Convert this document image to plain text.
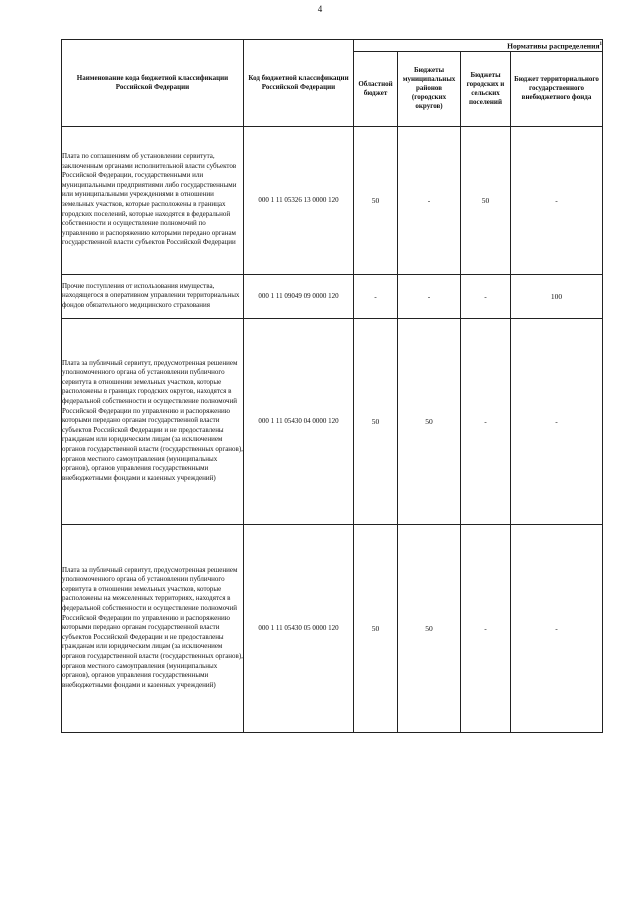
4
Наименование кода бюджетной классификации Российской Федерации	Код бюджетной классификации Российской Федерации	Нормативы распределения$^1$
		Областной бюджет	Бюджеты муниципальных районов (городских округов)	Бюджеты городских и сельских поселений	Бюджет территориального государственного внебюджетного фонда
Плата по соглашениям об установлении сервитута, заключенным органами исполнительной власти субъектов Российской Федерации, государственными или муниципальными предприятиями либо государственными или муниципальными учреждениями в отношении земельных участков, которые расположены в границах городских поселений, которые находятся в федеральной собственности и осуществление полномочий по управлению и распоряжению которыми передано органам государственной власти субъектов Российской Федерации	000 1 11 05326 13 0000 120	50	-	50	-
Прочие поступления от использования имущества, находящегося в оперативном управлении территориальных фондов обязательного медицинского страхования	000 1 11 09049 09 0000 120	-	-	-	100
Плата за публичный сервитут, предусмотренная решением уполномоченного органа об установлении публичного сервитута в отношении земельных участков, которые расположены в границах городских округов, находятся в федеральной собственности и осуществление полномочий Российской Федерации по управлению и распоряжению которыми передано органам государственной власти субъектов Российской Федерации и не предоставлены гражданам или юридическим лицам (за исключением органов государственной власти (государственных органов), органов местного самоуправления (муниципальных органов), органов управления государственными внебюджетными фондами и казенных учреждений)	000 1 11 05430 04 0000 120	50	50	-	-
Плата за публичный сервитут, предусмотренная решением уполномоченного органа об установлении публичного сервитута в отношении земельных участков, которые расположены на межселенных территориях, находятся в федеральной собственности и осуществление полномочий Российской Федерации по управлению и распоряжению которыми передано органам государственной власти субъектов Российской Федерации и не предоставлены гражданам или юридическим лицам (за исключением органов государственной власти (государственных органов), органов местного самоуправления (муниципальных органов), органов управления государственными внебюджетными фондами и казенных учреждений)	000 1 11 05430 05 0000 120	50	50	-	-
